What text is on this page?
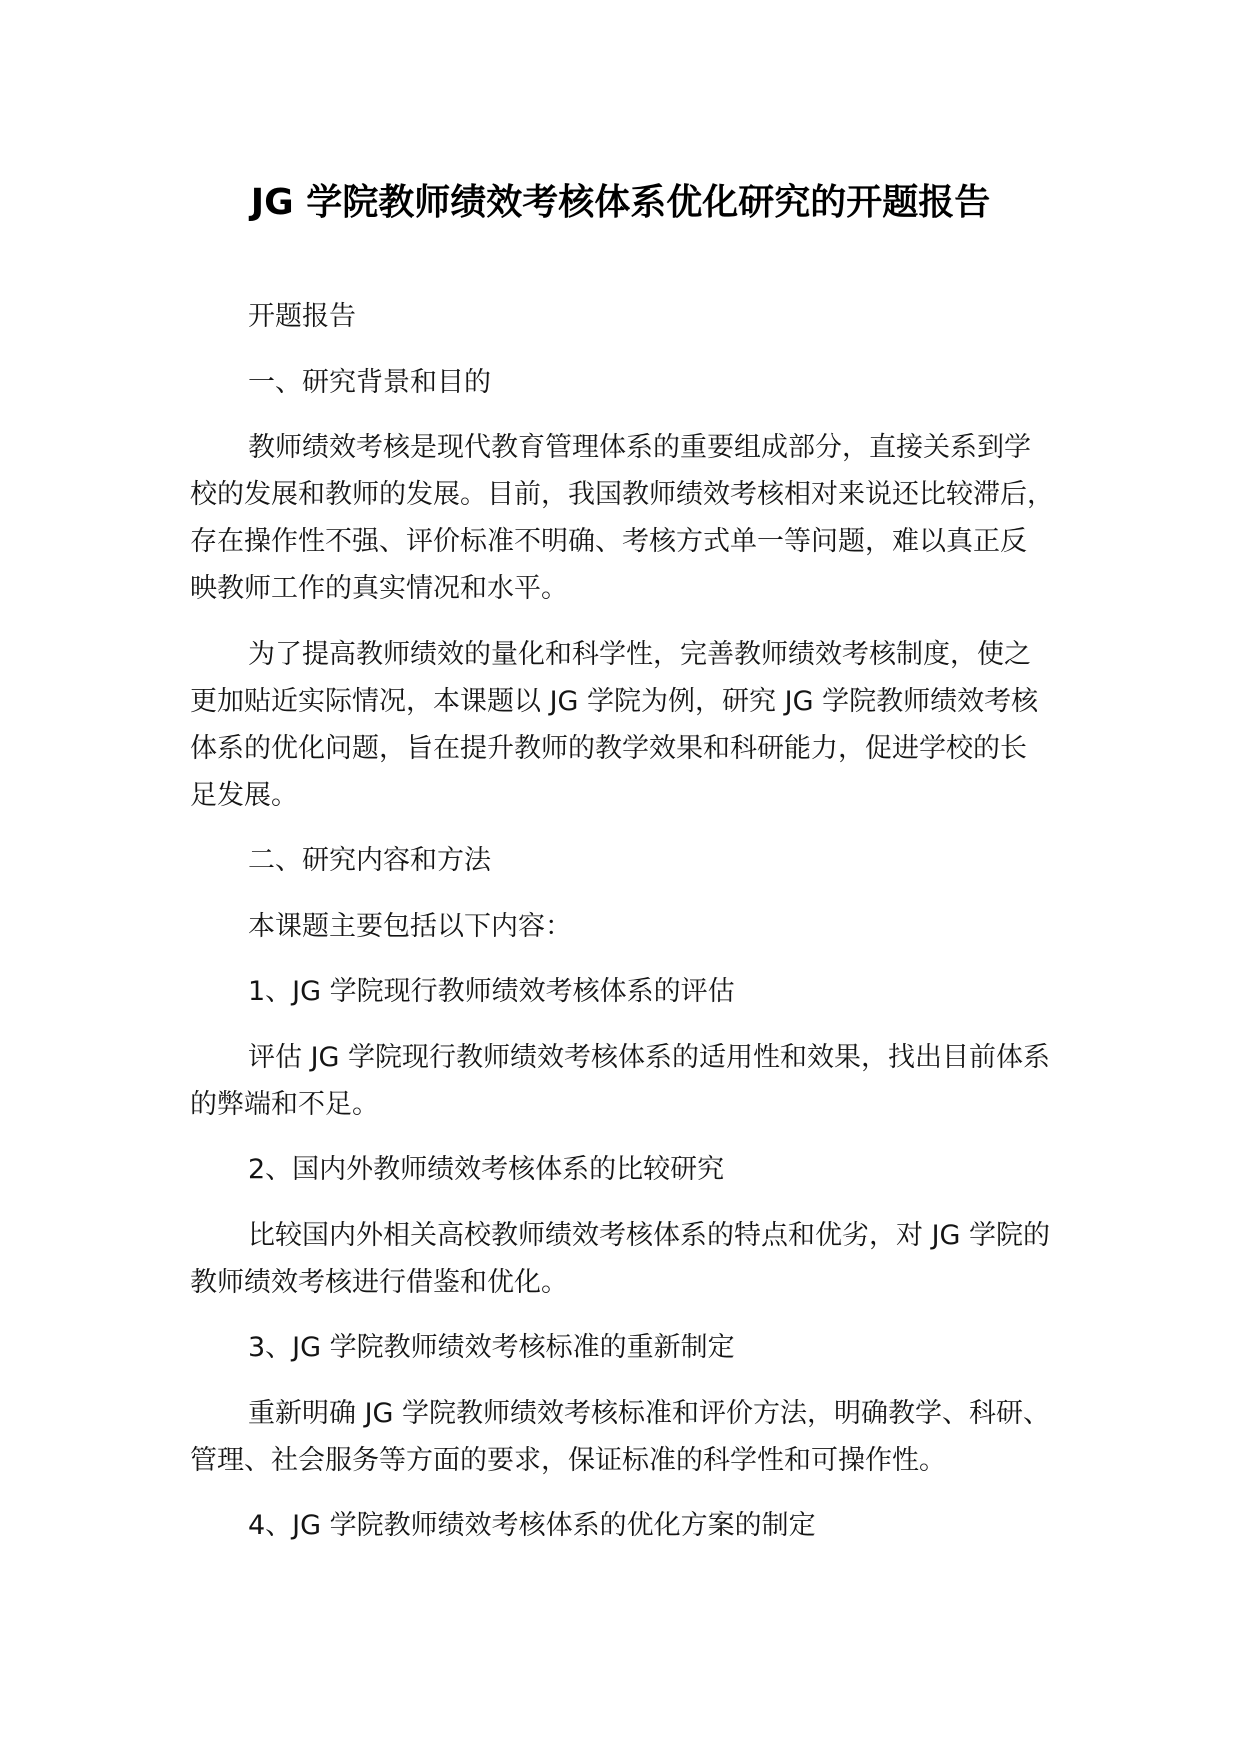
JG 学院教师绩效考核体系优化研究的开题报告

开题报告

一、研究背景和目的

教师绩效考核是现代教育管理体系的重要组成部分，直接关系到学
校的发展和教师的发展。目前，我国教师绩效考核相对来说还比较滞后，
存在操作性不强、评价标准不明确、考核方式单一等问题，难以真正反
映教师工作的真实情况和水平。

为了提高教师绩效的量化和科学性，完善教师绩效考核制度，使之
更加贴近实际情况，本课题以 JG 学院为例，研究 JG 学院教师绩效考核
体系的优化问题，旨在提升教师的教学效果和科研能力，促进学校的长
足发展。

二、研究内容和方法

本课题主要包括以下内容：

1、JG 学院现行教师绩效考核体系的评估

评估 JG 学院现行教师绩效考核体系的适用性和效果，找出目前体系
的弊端和不足。

2、国内外教师绩效考核体系的比较研究

比较国内外相关高校教师绩效考核体系的特点和优劣，对 JG 学院的
教师绩效考核进行借鉴和优化。

3、JG 学院教师绩效考核标准的重新制定

重新明确 JG 学院教师绩效考核标准和评价方法，明确教学、科研、
管理、社会服务等方面的要求，保证标准的科学性和可操作性。

4、JG 学院教师绩效考核体系的优化方案的制定
